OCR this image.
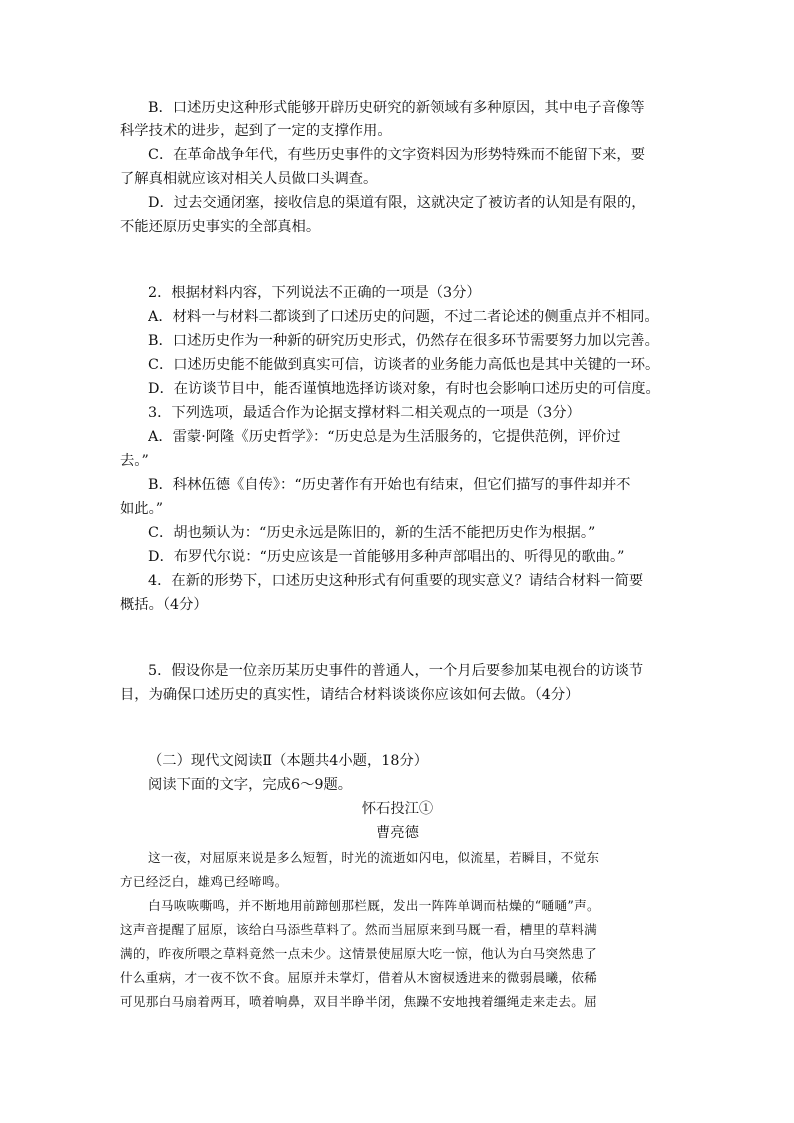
B．口述历史这种形式能够开辟历史研究的新领域有多种原因，其中电子音像等
科学技术的进步，起到了一定的支撑作用。
C．在革命战争年代，有些历史事件的文字资料因为形势特殊而不能留下来，要
了解真相就应该对相关人员做口头调查。
D．过去交通闭塞，接收信息的渠道有限，这就决定了被访者的认知是有限的，
不能还原历史事实的全部真相。
2．根据材料内容，下列说法不正确的一项是（3分）
A．材料一与材料二都谈到了口述历史的问题，不过二者论述的侧重点并不相同。
B．口述历史作为一种新的研究历史形式，仍然存在很多环节需要努力加以完善。
C．口述历史能不能做到真实可信，访谈者的业务能力高低也是其中关键的一环。
D．在访谈节目中，能否谨慎地选择访谈对象，有时也会影响口述历史的可信度。
3．下列选项，最适合作为论据支撑材料二相关观点的一项是（3分）
A．雷蒙·阿隆《历史哲学》：“历史总是为生活服务的，它提供范例，评价过
去。”
B．科林伍德《自传》：“历史著作有开始也有结束，但它们描写的事件却并不
如此。”
C．胡也频认为：“历史永远是陈旧的，新的生活不能把历史作为根据。”
D．布罗代尔说：“历史应该是一首能够用多种声部唱出的、听得见的歌曲。”
4．在新的形势下，口述历史这种形式有何重要的现实意义？请结合材料一简要
概括。（4分）
5．假设你是一位亲历某历史事件的普通人，一个月后要参加某电视台的访谈节
目，为确保口述历史的真实性，请结合材料谈谈你应该如何去做。（4分）
（二）现代文阅读Ⅱ（本题共4小题，18分）
阅读下面的文字，完成6～9题。
怀石投江①
曹亮德
这一夜，对屈原来说是多么短暂，时光的流逝如闪电，似流星，若瞬目，不觉东
方已经泛白，雄鸡已经啼鸣。
白马咴咴嘶鸣，并不断地用前蹄刨那栏厩，发出一阵阵单调而枯燥的“嗵嗵”声。
这声音提醒了屈原，该给白马添些草料了。然而当屈原来到马厩一看，槽里的草料满
满的，昨夜所喂之草料竟然一点未少。这情景使屈原大吃一惊，他认为白马突然患了
什么重病，才一夜不饮不食。屈原并未掌灯，借着从木窗棂透进来的微弱晨曦，依稀
可见那白马扇着两耳，喷着响鼻，双目半睁半闭，焦躁不安地拽着缰绳走来走去。屈
